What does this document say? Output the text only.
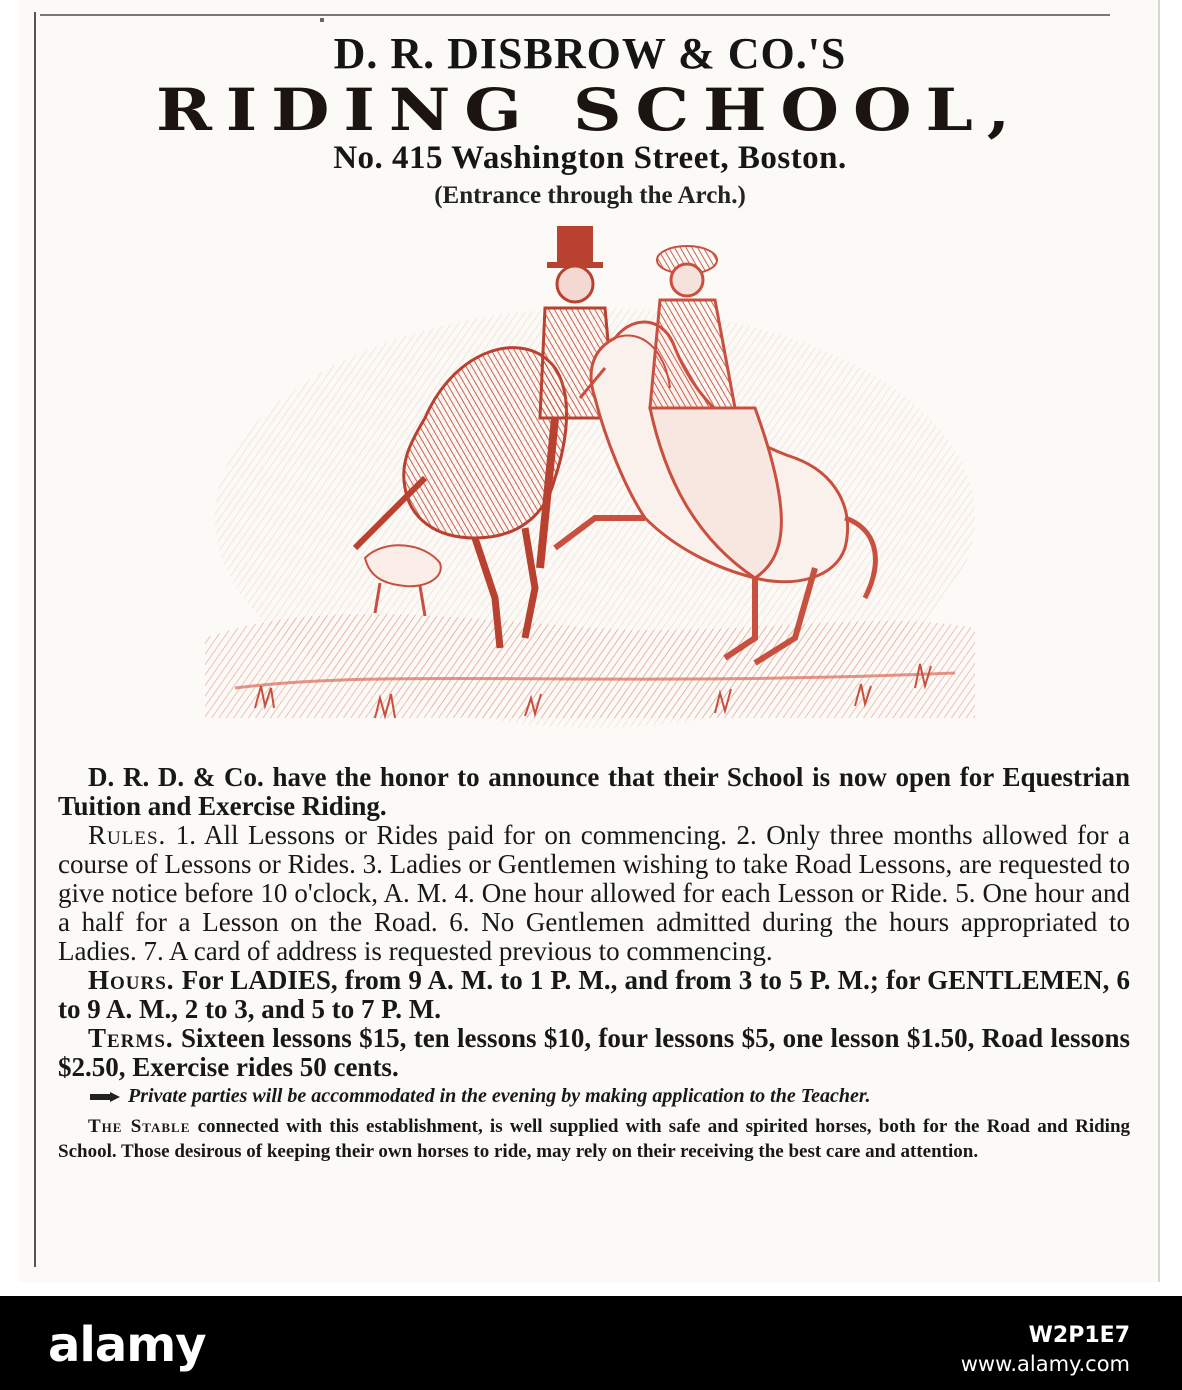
D. R. DISBROW & CO.'S
RIDING SCHOOL,
No. 415 Washington Street, Boston.
(Entrance through the Arch.)

D. R. D. & Co. have the honor to announce that their School is now open for Equestrian Tuition and Exercise Riding.

Rules. 1. All Lessons or Rides paid for on commencing. 2. Only three months allowed for a course of Lessons or Rides. 3. Ladies or Gentlemen wishing to take Road Lessons, are requested to give notice before 10 o'clock, A. M. 4. One hour allowed for each Lesson or Ride. 5. One hour and a half for a Lesson on the Road. 6. No Gentlemen admitted during the hours appropriated to Ladies. 7. A card of address is requested previous to commencing.

Hours. For LADIES, from 9 A. M. to 1 P. M., and from 3 to 5 P. M.; for GENTLEMEN, 6 to 9 A. M., 2 to 3, and 5 to 7 P. M.

Terms. Sixteen lessons $15, ten lessons $10, four lessons $5, one lesson $1.50, Road lessons $2.50, Exercise rides 50 cents.

Private parties will be accommodated in the evening by making application to the Teacher.

The Stable connected with this establishment, is well supplied with safe and spirited horses, both for the Road and Riding School. Those desirous of keeping their own horses to ride, may rely on their receiving the best care and attention.

alamy	W2P1E7
www.alamy.com
